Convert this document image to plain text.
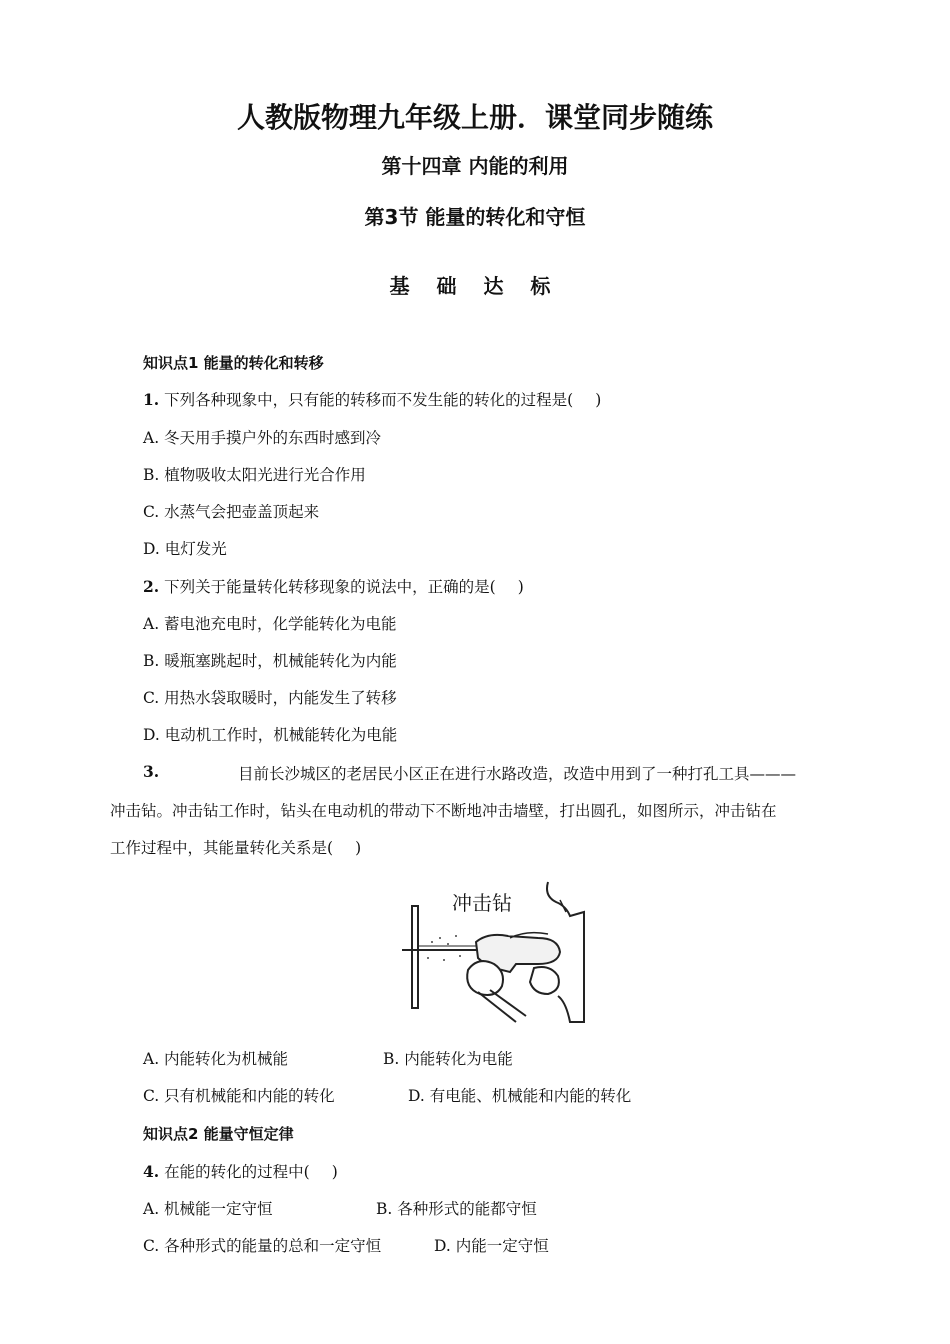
人教版物理九年级上册．课堂同步随练
第十四章 内能的利用
第3节 能量的转化和守恒
基 础 达 标
知识点1 能量的转化和转移
1. 下列各种现象中，只有能的转移而不发生能的转化的过程是( )
A. 冬天用手摸户外的东西时感到冷
B. 植物吸收太阳光进行光合作用
C. 水蒸气会把壶盖顶起来
D. 电灯发光
2. 下列关于能量转化转移现象的说法中，正确的是( )
A. 蓄电池充电时，化学能转化为电能
B. 暖瓶塞跳起时，机械能转化为内能
C. 用热水袋取暖时，内能发生了转移
D. 电动机工作时，机械能转化为电能
3.	目前长沙城区的老居民小区正在进行水路改造，改造中用到了一种打孔工具———
冲击钻。冲击钻工作时，钻头在电动机的带动下不断地冲击墙壁，打出圆孔，如图所示，冲击钻在
工作过程中，其能量转化关系是( )
冲击钻
A. 内能转化为机械能	B. 内能转化为电能
C. 只有机械能和内能的转化	D. 有电能、机械能和内能的转化
知识点2 能量守恒定律
4. 在能的转化的过程中( )
A. 机械能一定守恒	B. 各种形式的能都守恒
C. 各种形式的能量的总和一定守恒	D. 内能一定守恒
